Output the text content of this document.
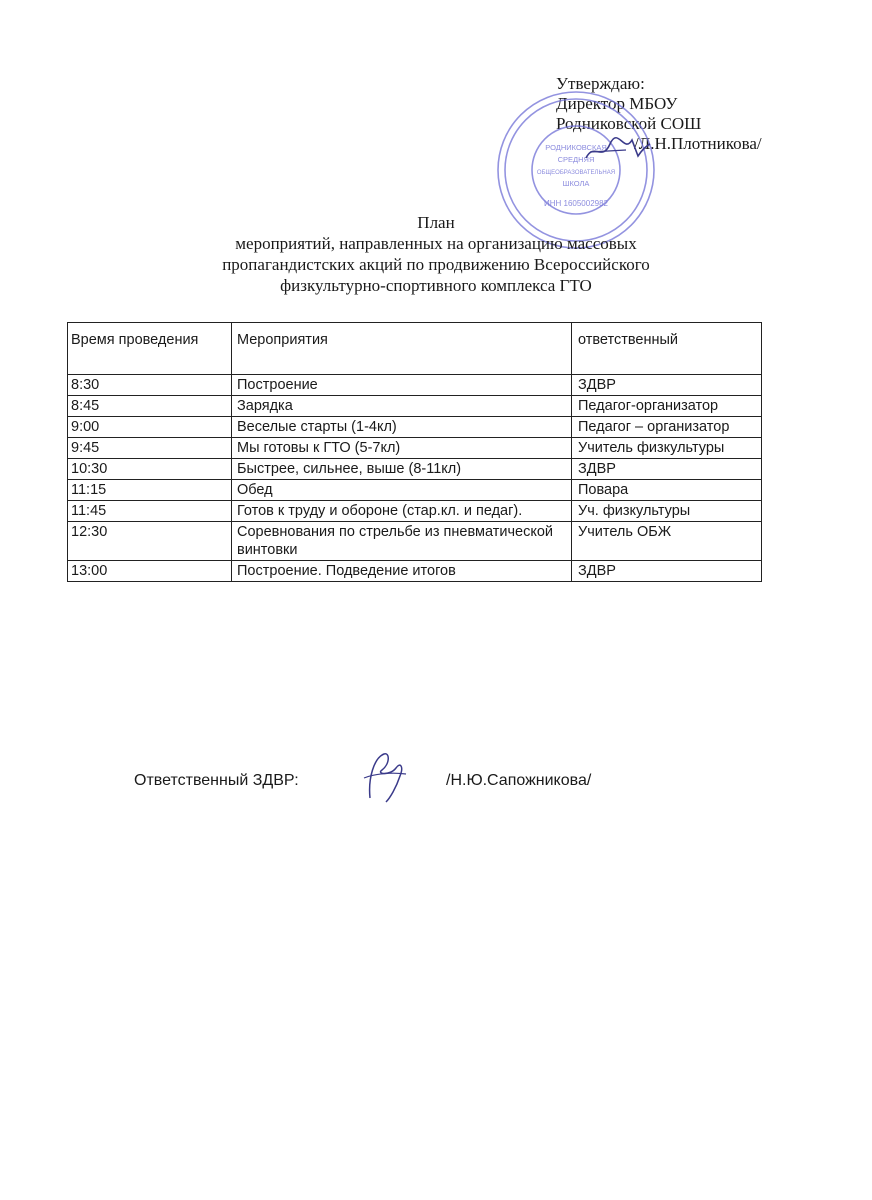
Утверждаю:
Директор МБОУ
Родниковской СОШ
/Л.Н.Плотникова/
РОДНИКОВСКАЯ
СРЕДНЯЯ
ОБЩЕОБРАЗОВАТЕЛЬНАЯ
ШКОЛА
ИНН 1605002982
План
мероприятий, направленных на организацию массовых
пропагандистских акций по продвижению Всероссийского
физкультурно-спортивного комплекса ГТО
Время проведения	Мероприятия	ответственный
8:30	Построение	ЗДВР
8:45	Зарядка	Педагог-организатор
9:00	Веселые старты (1-4кл)	Педагог – организатор
9:45	Мы готовы к ГТО (5-7кл)	Учитель физкультуры
10:30	Быстрее, сильнее, выше (8-11кл)	ЗДВР
11:15	Обед	Повара
11:45	Готов к труду и обороне (стар.кл. и педаг).	Уч. физкультуры
12:30	Соревнования по стрельбе из пневматической винтовки	Учитель ОБЖ
13:00	Построение. Подведение итогов	ЗДВР
Ответственный ЗДВР:	/Н.Ю.Сапожникова/
